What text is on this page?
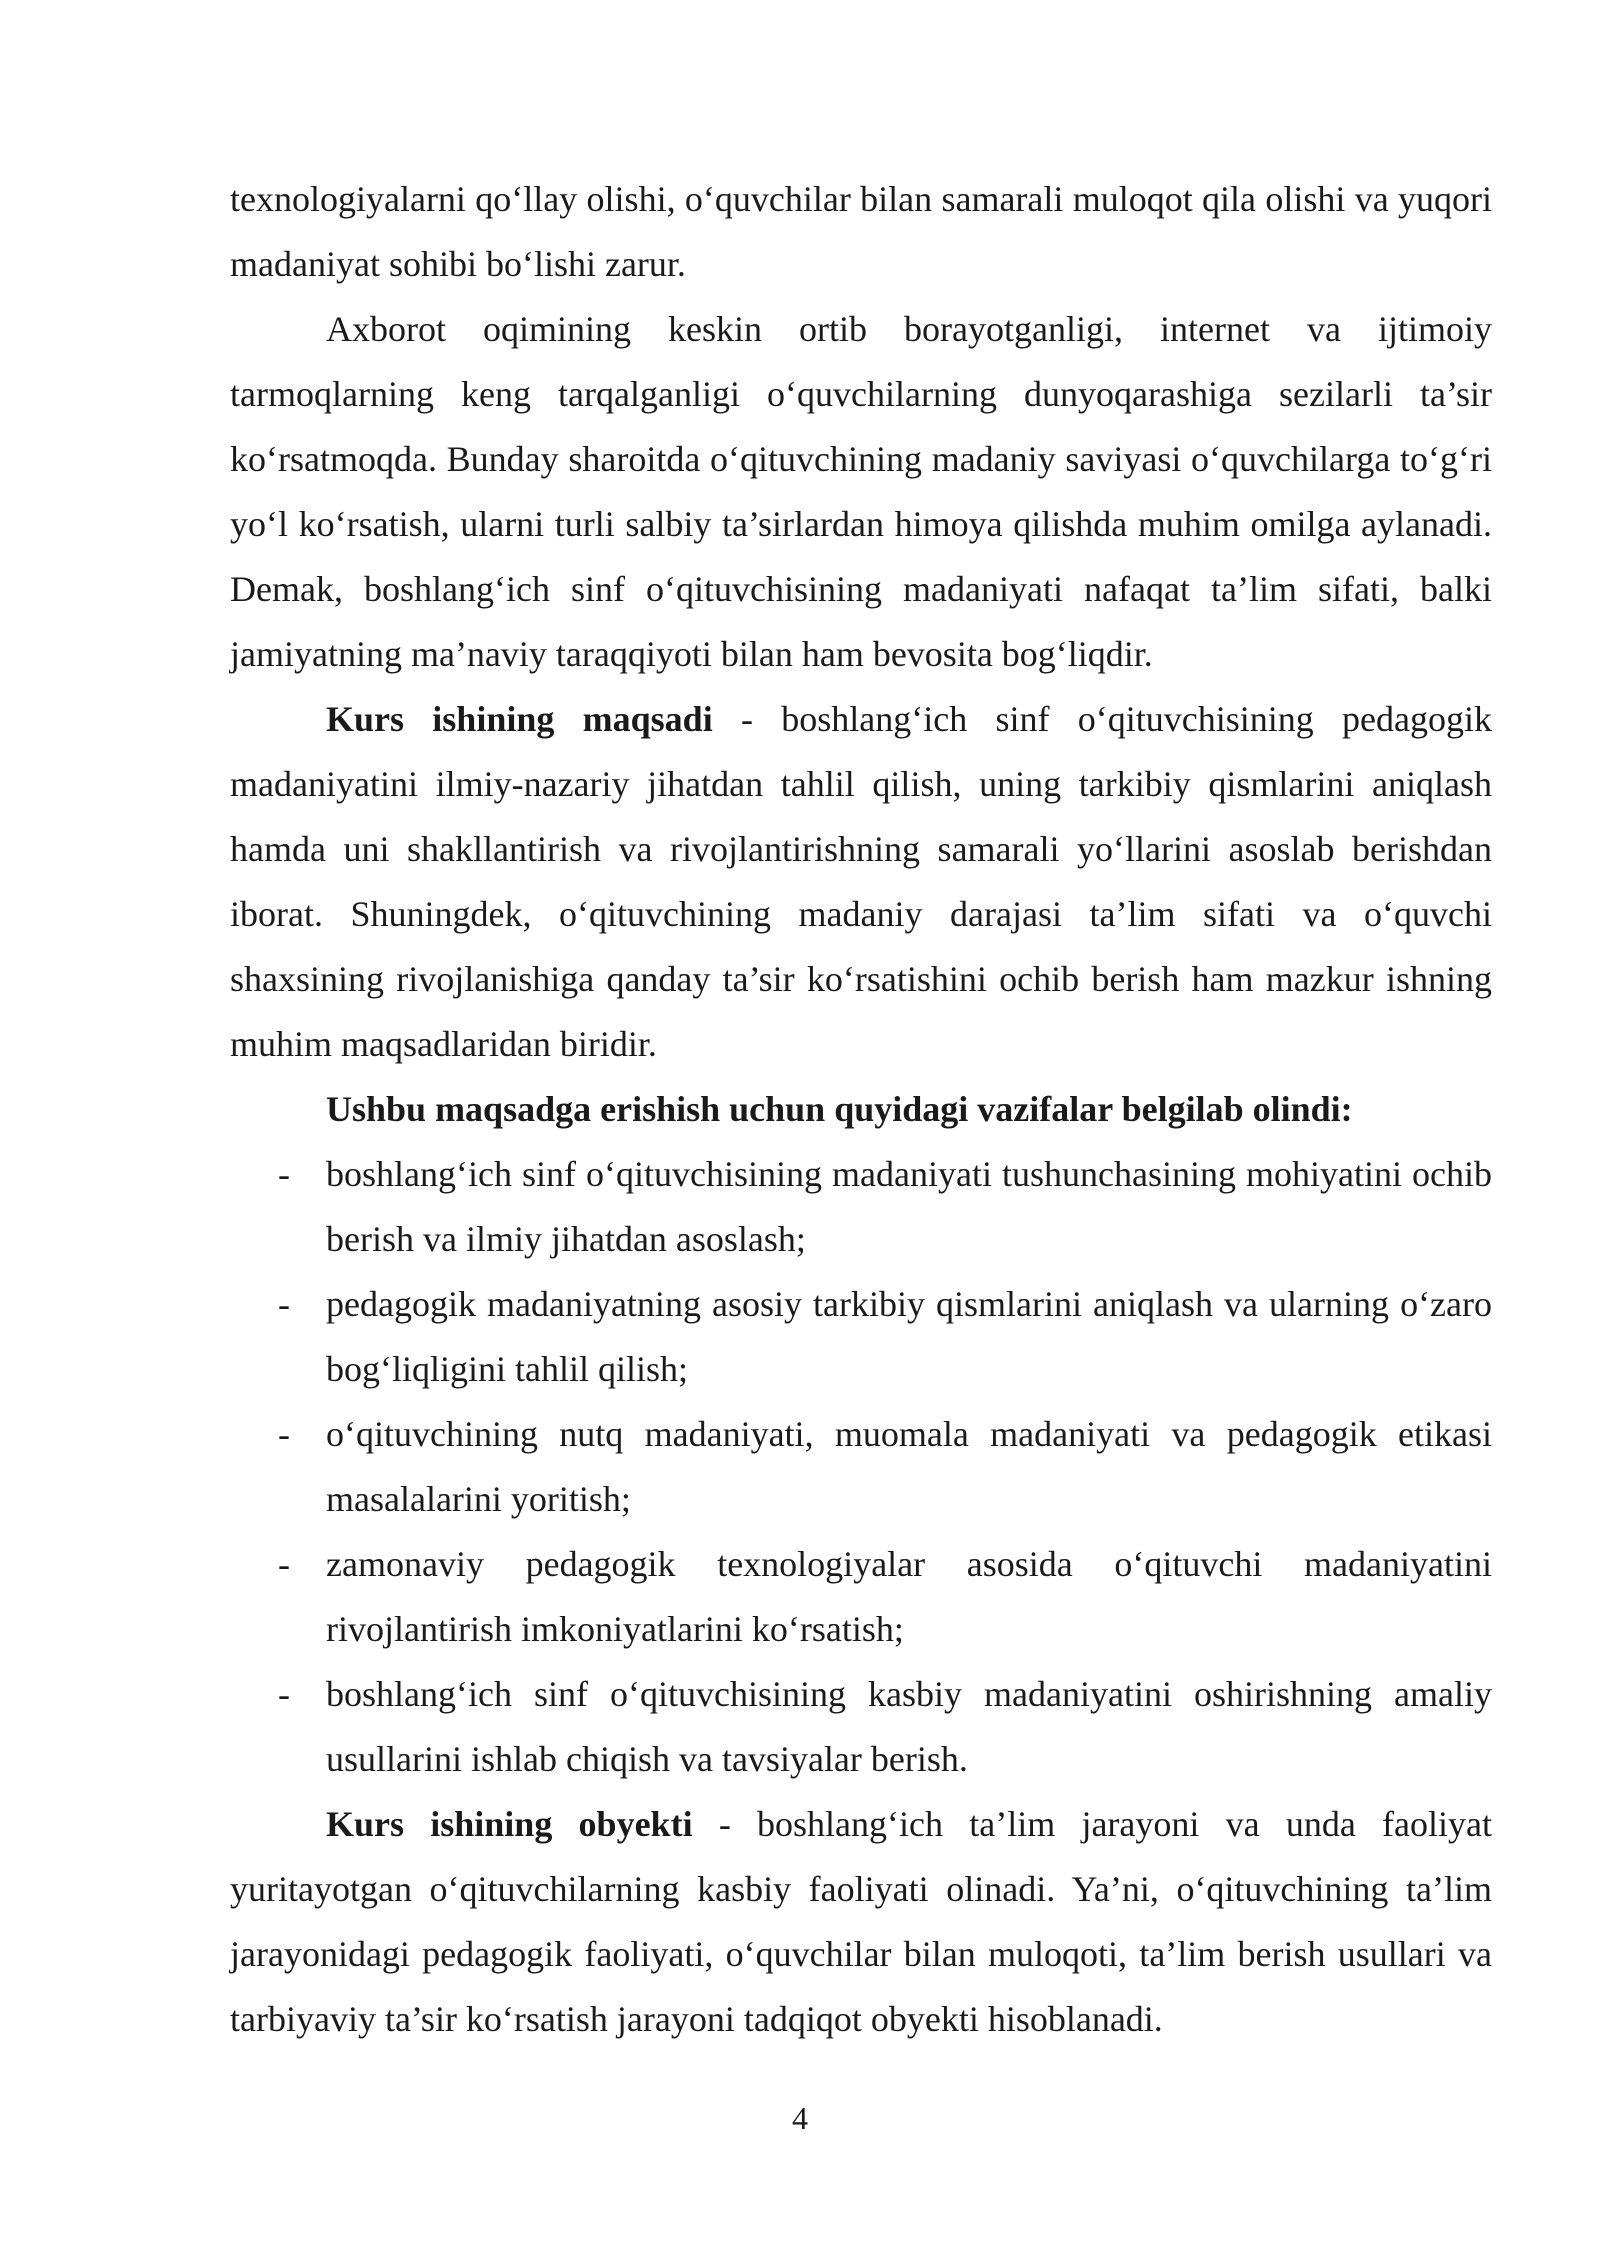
texnologiyalarni qo‘llay olishi, o‘quvchilar bilan samarali muloqot qila olishi va yuqori madaniyat sohibi bo‘lishi zarur.

Axborot oqimining keskin ortib borayotganligi, internet va ijtimoiy tarmoqlarning keng tarqalganligi o‘quvchilarning dunyoqarashiga sezilarli ta’sir ko‘rsatmoqda. Bunday sharoitda o‘qituvchining madaniy saviyasi o‘quvchilarga to‘g‘ri yo‘l ko‘rsatish, ularni turli salbiy ta’sirlardan himoya qilishda muhim omilga aylanadi. Demak, boshlang‘ich sinf o‘qituvchisining madaniyati nafaqat ta’lim sifati, balki jamiyatning ma’naviy taraqqiyoti bilan ham bevosita bog‘liqdir.

Kurs ishining maqsadi - boshlang‘ich sinf o‘qituvchisining pedagogik madaniyatini ilmiy-nazariy jihatdan tahlil qilish, uning tarkibiy qismlarini aniqlash hamda uni shakllantirish va rivojlantirishning samarali yo‘llarini asoslab berishdan iborat. Shuningdek, o‘qituvchining madaniy darajasi ta’lim sifati va o‘quvchi shaxsining rivojlanishiga qanday ta’sir ko‘rsatishini ochib berish ham mazkur ishning muhim maqsadlaridan biridir.

Ushbu maqsadga erishish uchun quyidagi vazifalar belgilab olindi:

- boshlang‘ich sinf o‘qituvchisining madaniyati tushunchasining mohiyatini ochib berish va ilmiy jihatdan asoslash;
- pedagogik madaniyatning asosiy tarkibiy qismlarini aniqlash va ularning o‘zaro bog‘liqligini tahlil qilish;
- o‘qituvchining nutq madaniyati, muomala madaniyati va pedagogik etikasi masalalarini yoritish;
- zamonaviy pedagogik texnologiyalar asosida o‘qituvchi madaniyatini rivojlantirish imkoniyatlarini ko‘rsatish;
- boshlang‘ich sinf o‘qituvchisining kasbiy madaniyatini oshirishning amaliy usullarini ishlab chiqish va tavsiyalar berish.

Kurs ishining obyekti - boshlang‘ich ta’lim jarayoni va unda faoliyat yuritayotgan o‘qituvchilarning kasbiy faoliyati olinadi. Ya’ni, o‘qituvchining ta’lim jarayonidagi pedagogik faoliyati, o‘quvchilar bilan muloqoti, ta’lim berish usullari va tarbiyaviy ta’sir ko‘rsatish jarayoni tadqiqot obyekti hisoblanadi.

4
